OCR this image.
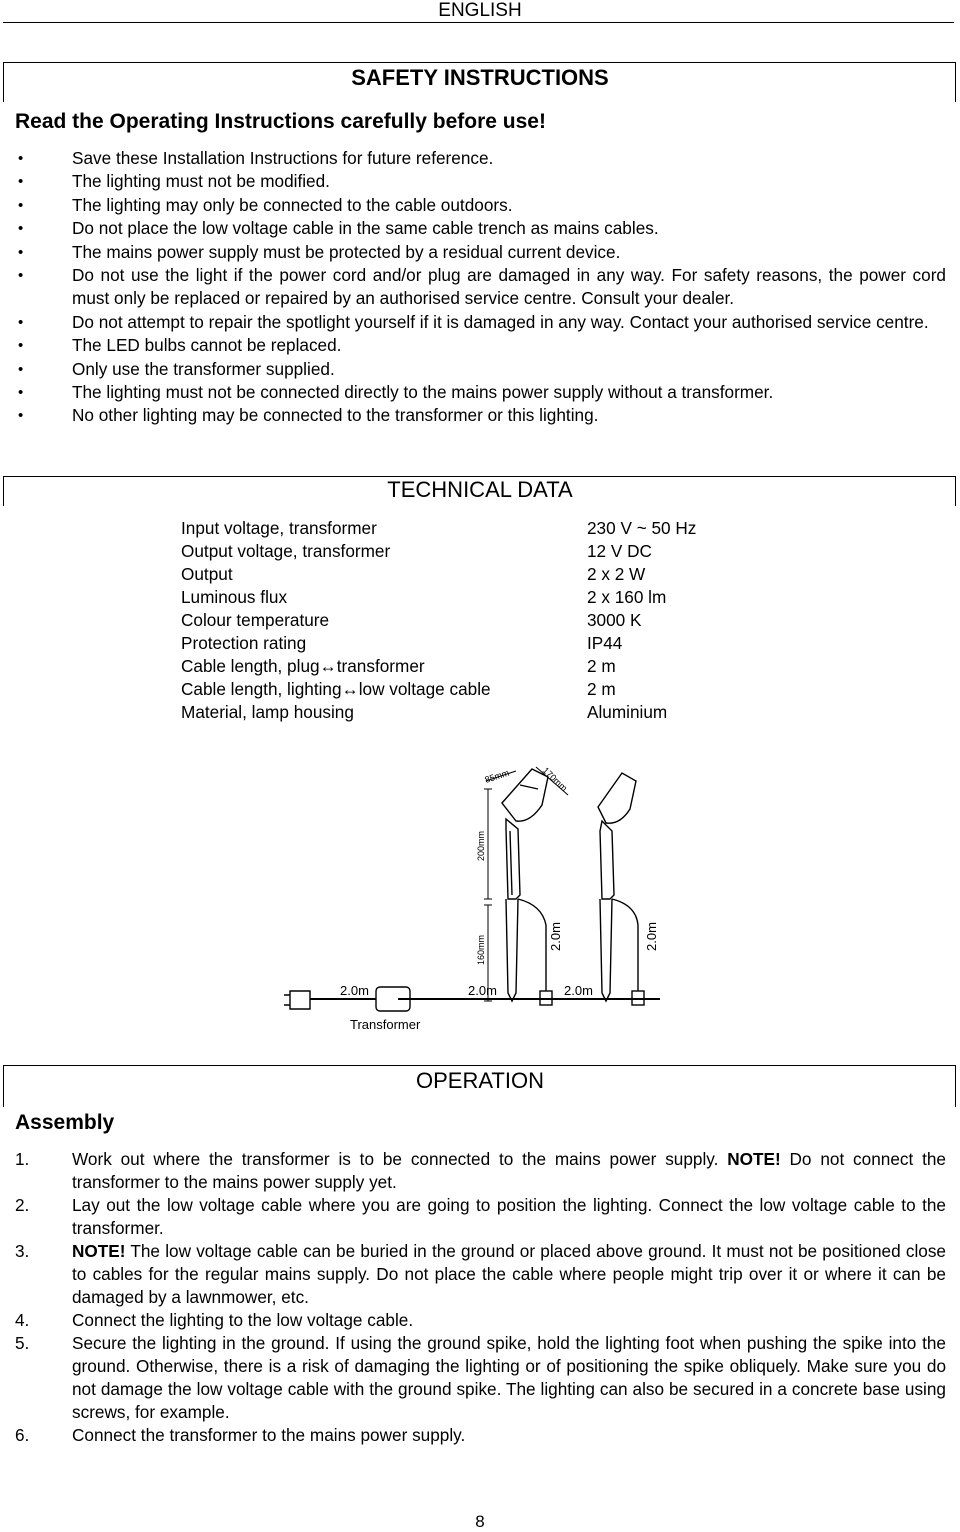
ENGLISH
SAFETY INSTRUCTIONS
Read the Operating Instructions carefully before use!
• Save these Installation Instructions for future reference.
• The lighting must not be modified.
• The lighting may only be connected to the cable outdoors.
• Do not place the low voltage cable in the same cable trench as mains cables.
• The mains power supply must be protected by a residual current device.
• Do not use the light if the power cord and/or plug are damaged in any way. For safety reasons, the power cord must only be replaced or repaired by an authorised service centre. Consult your dealer.
• Do not attempt to repair the spotlight yourself if it is damaged in any way. Contact your authorised service centre.
• The LED bulbs cannot be replaced.
• Only use the transformer supplied.
• The lighting must not be connected directly to the mains power supply without a transformer.
• No other lighting may be connected to the transformer or this lighting.
TECHNICAL DATA
Input voltage, transformer	230 V ~ 50 Hz
Output voltage, transformer	12 V DC
Output	2 x 2 W
Luminous flux	2 x 160 lm
Colour temperature	3000 K
Protection rating	IP44
Cable length, plug↔transformer	2 m
Cable length, lighting↔low voltage cable	2 m
Material, lamp housing	Aluminium
85mm	170mm
200mm
160mm	2.0m	2.0m
2.0m	2.0m	2.0m
Transformer
OPERATION
Assembly
1. Work out where the transformer is to be connected to the mains power supply. NOTE! Do not connect the transformer to the mains power supply yet.
2. Lay out the low voltage cable where you are going to position the lighting. Connect the low voltage cable to the transformer.
3. NOTE! The low voltage cable can be buried in the ground or placed above ground. It must not be positioned close to cables for the regular mains supply. Do not place the cable where people might trip over it or where it can be damaged by a lawnmower, etc.
4. Connect the lighting to the low voltage cable.
5. Secure the lighting in the ground. If using the ground spike, hold the lighting foot when pushing the spike into the ground. Otherwise, there is a risk of damaging the lighting or of positioning the spike obliquely. Make sure you do not damage the low voltage cable with the ground spike. The lighting can also be secured in a concrete base using screws, for example.
6. Connect the transformer to the mains power supply.
8
